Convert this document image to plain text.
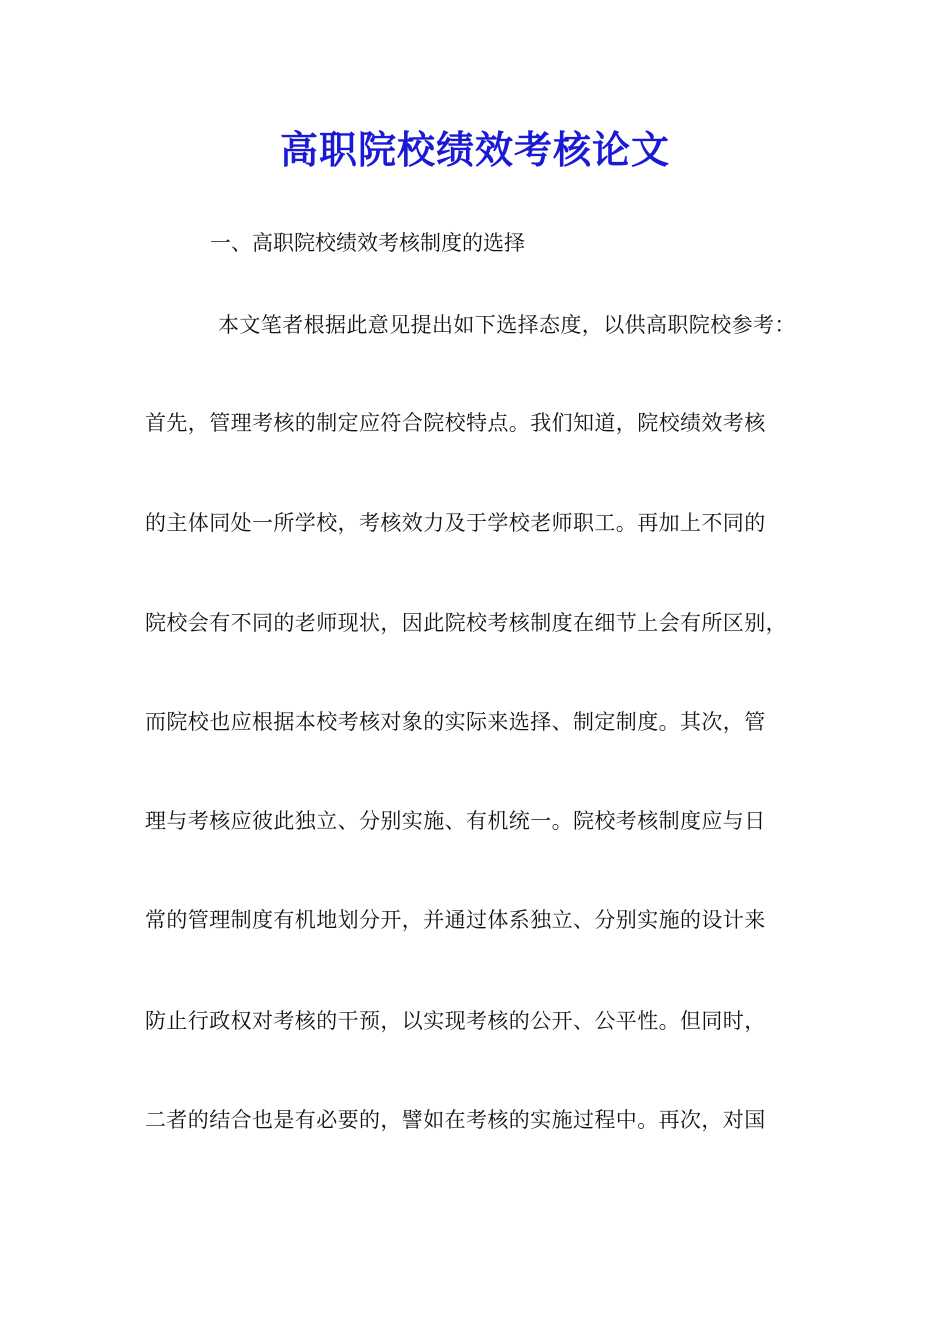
高职院校绩效考核论文
一、高职院校绩效考核制度的选择
本文笔者根据此意见提出如下选择态度，以供高职院校参考：
首先，管理考核的制定应符合院校特点。我们知道，院校绩效考核
的主体同处一所学校，考核效力及于学校老师职工。再加上不同的
院校会有不同的老师现状，因此院校考核制度在细节上会有所区别，
而院校也应根据本校考核对象的实际来选择、制定制度。其次，管
理与考核应彼此独立、分别实施、有机统一。院校考核制度应与日
常的管理制度有机地划分开，并通过体系独立、分别实施的设计来
防止行政权对考核的干预，以实现考核的公开、公平性。但同时，
二者的结合也是有必要的，譬如在考核的实施过程中。再次，对国
